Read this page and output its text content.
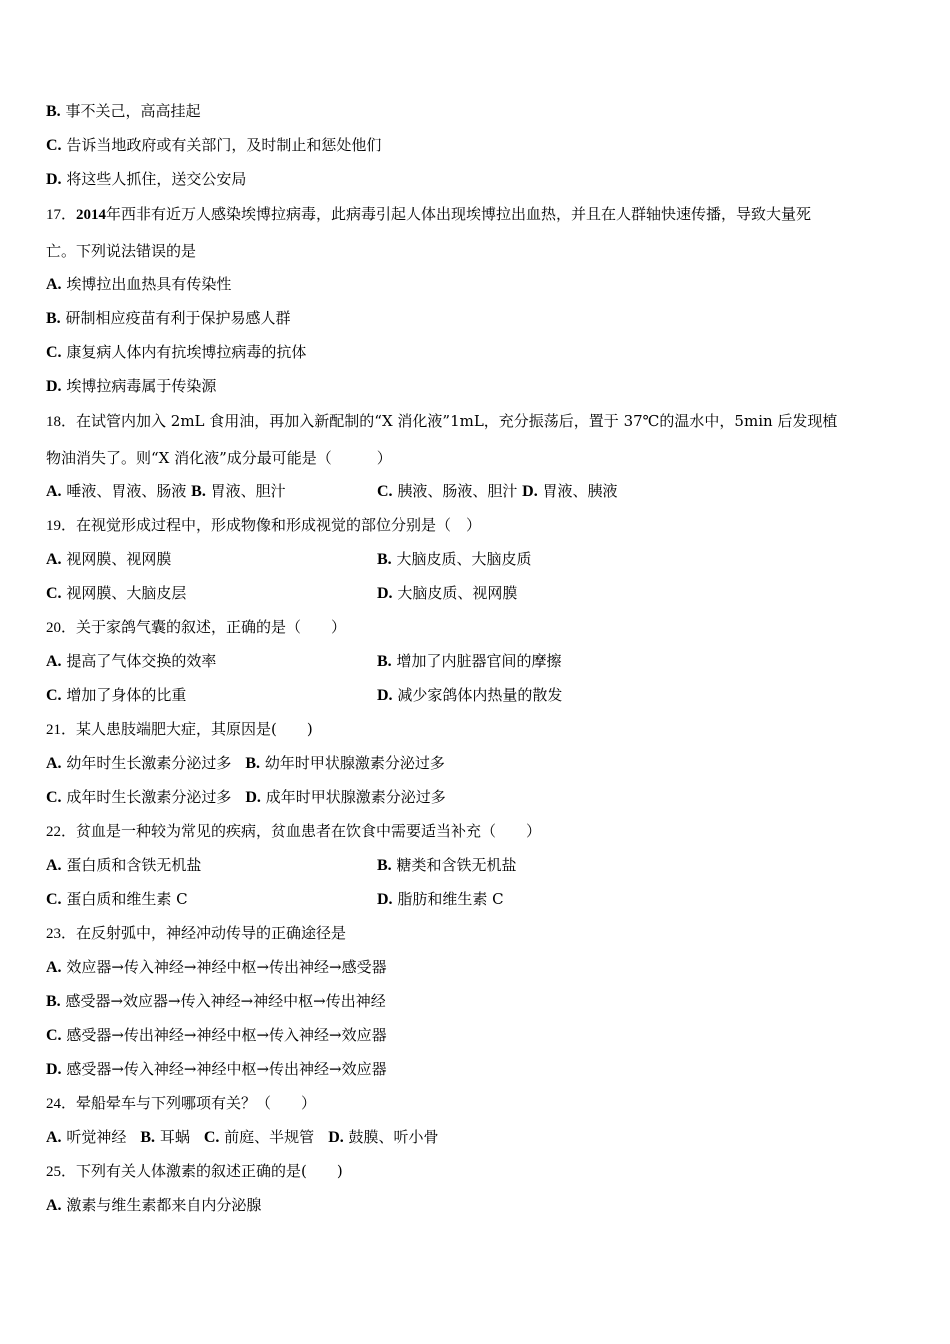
B. 事不关己，高高挂起
C. 告诉当地政府或有关部门，及时制止和惩处他们
D. 将这些人抓住，送交公安局
17．2014年西非有近万人感染埃博拉病毒，此病毒引起人体出现埃博拉出血热，并且在人群轴快速传播，导致大量死
亡。下列说法错误的是
A. 埃博拉出血热具有传染性
B. 研制相应疫苗有利于保护易感人群
C. 康复病人体内有抗埃博拉病毒的抗体
D. 埃博拉病毒属于传染源
18．在试管内加入 2mL 食用油，再加入新配制的“X 消化液”1mL，充分振荡后，置于 37℃的温水中，5min 后发现植
物油消失了。则“X 消化液”成分最可能是（　　　）
A. 唾液、胃液、肠液 B. 胃液、胆汁	C. 胰液、肠液、胆汁 D. 胃液、胰液
19．在视觉形成过程中，形成物像和形成视觉的部位分别是（　）
A. 视网膜、视网膜	B. 大脑皮质、大脑皮质
C. 视网膜、大脑皮层	D. 大脑皮质、视网膜
20．关于家鸽气囊的叙述，正确的是（　　）
A. 提高了气体交换的效率	B. 增加了内脏器官间的摩擦
C. 增加了身体的比重	D. 减少家鸽体内热量的散发
21．某人患肢端肥大症，其原因是(　　)
A. 幼年时生长激素分泌过多 B. 幼年时甲状腺激素分泌过多
C. 成年时生长激素分泌过多 D. 成年时甲状腺激素分泌过多
22．贫血是一种较为常见的疾病，贫血患者在饮食中需要适当补充（　　）
A. 蛋白质和含铁无机盐	B. 糖类和含铁无机盐
C. 蛋白质和维生素 C	D. 脂肪和维生素 C
23．在反射弧中，神经冲动传导的正确途径是
A. 效应器→传入神经→神经中枢→传出神经→感受器
B. 感受器→效应器→传入神经→神经中枢→传出神经
C. 感受器→传出神经→神经中枢→传入神经→效应器
D. 感受器→传入神经→神经中枢→传出神经→效应器
24．晕船晕车与下列哪项有关？（　　）
A. 听觉神经 B. 耳蜗 C. 前庭、半规管 D. 鼓膜、听小骨
25．下列有关人体激素的叙述正确的是(　　)
A. 激素与维生素都来自内分泌腺
